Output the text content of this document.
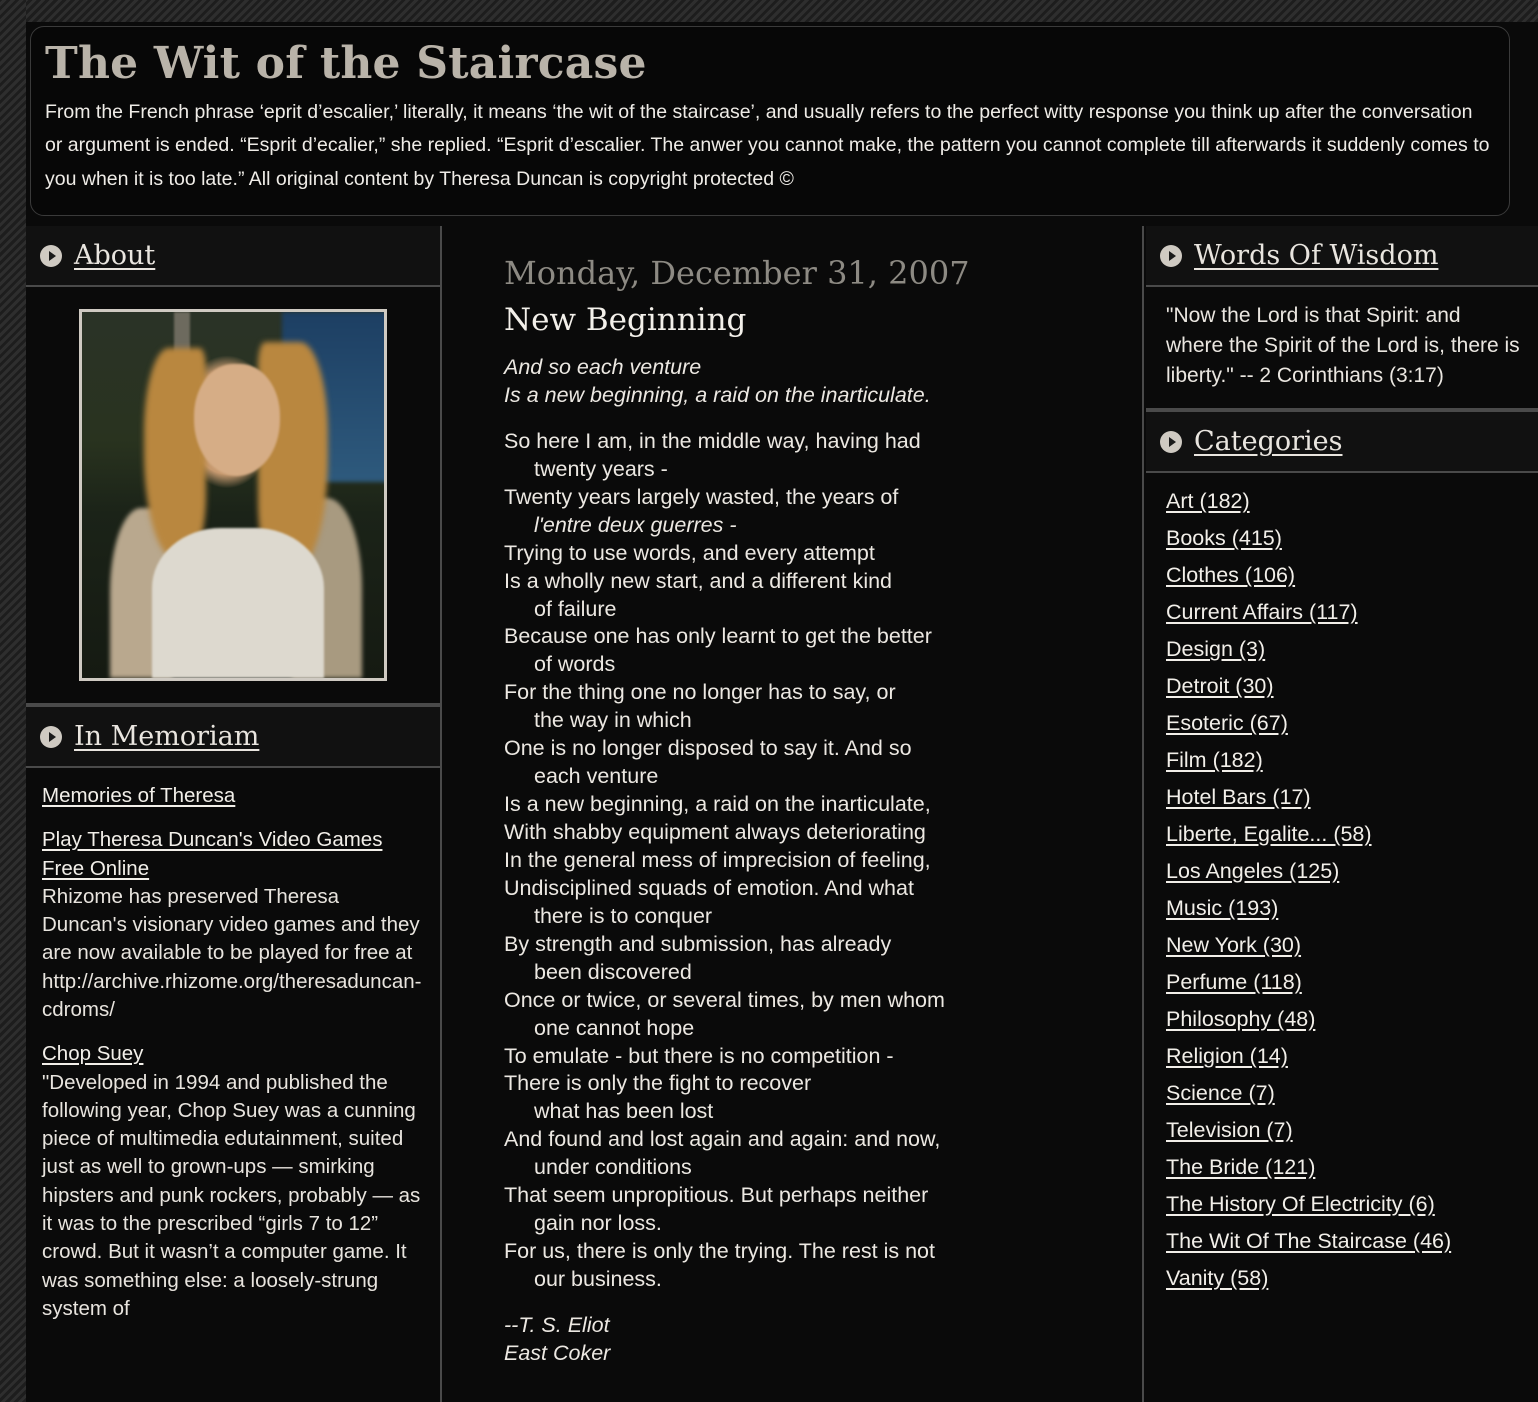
The Wit of the Staircase

From the French phrase ‘eprit d’escalier,’ literally, it means ‘the wit of the staircase’, and usually refers to the perfect witty response you think up after the conversation or argument is ended. “Esprit d’ecalier,” she replied. “Esprit d’escalier. The anwer you cannot make, the pattern you cannot complete till afterwards it suddenly comes to you when it is too late.” All original content by Theresa Duncan is copyright protected ©

About
In Memoriam
Memories of Theresa
Play Theresa Duncan's Video Games Free Online

Rhizome has preserved Theresa Duncan's visionary video games and they are now available to be played for free at http://archive.rhizome.org/theresaduncan-cdroms/

Chop Suey

"Developed in 1994 and published the following year, Chop Suey was a cunning piece of multimedia edutainment, suited just as well to grown-ups — smirking hipsters and punk rockers, probably — as it was to the prescribed “girls 7 to 12” crowd. But it wasn’t a computer game. It was something else: a loosely-strung system of

Monday, December 31, 2007
New Beginning
And so each venture
Is a new beginning, a raid on the inarticulate.
So here I am, in the middle way, having had
twenty years -
Twenty years largely wasted, the years of
l'entre deux guerres -
Trying to use words, and every attempt
Is a wholly new start, and a different kind
of failure
Because one has only learnt to get the better
of words
For the thing one no longer has to say, or
the way in which
One is no longer disposed to say it. And so
each venture
Is a new beginning, a raid on the inarticulate,
With shabby equipment always deteriorating
In the general mess of imprecision of feeling,
Undisciplined squads of emotion. And what
there is to conquer
By strength and submission, has already
been discovered
Once or twice, or several times, by men whom
one cannot hope
To emulate - but there is no competition -
There is only the fight to recover
what has been lost
And found and lost again and again: and now,
under conditions
That seem unpropitious. But perhaps neither
gain nor loss.
For us, there is only the trying. The rest is not
our business.
--T. S. Eliot
East Coker
Words Of Wisdom
"Now the Lord is that Spirit: and where the Spirit of the Lord is, there is liberty." -- 2 Corinthians (3:17)
Categories
Art (182)
Books (415)
Clothes (106)
Current Affairs (117)
Design (3)
Detroit (30)
Esoteric (67)
Film (182)
Hotel Bars (17)
Liberte, Egalite... (58)
Los Angeles (125)
Music (193)
New York (30)
Perfume (118)
Philosophy (48)
Religion (14)
Science (7)
Television (7)
The Bride (121)
The History Of Electricity (6)
The Wit Of The Staircase (46)
Vanity (58)
